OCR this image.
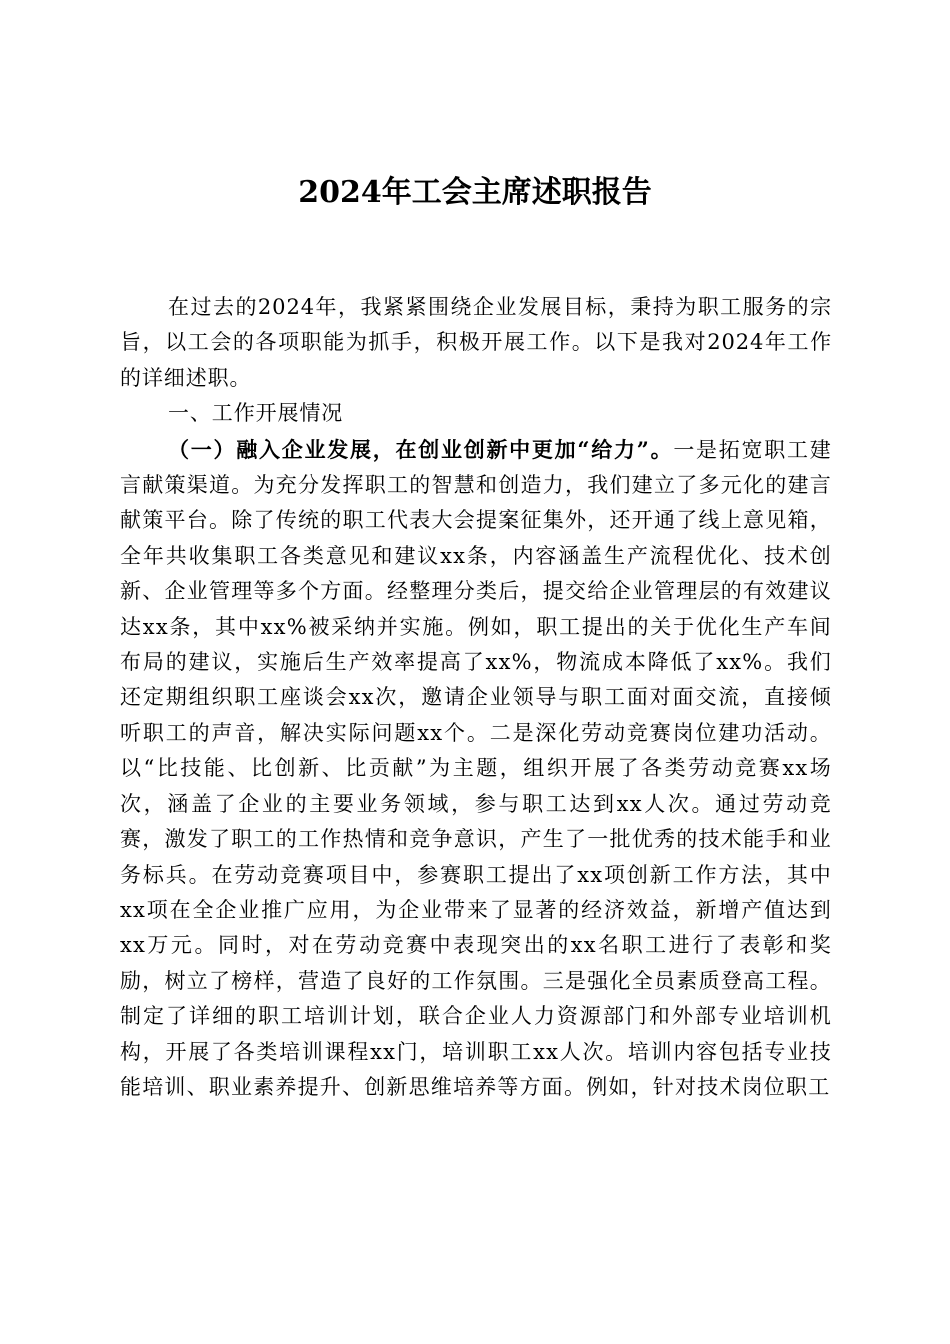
2024年工会主席述职报告

在过去的2024年，我紧紧围绕企业发展目标，秉持为职工服务的宗旨，以工会的各项职能为抓手，积极开展工作。以下是我对2024年工作的详细述职。

一、工作开展情况

（一）融入企业发展，在创业创新中更加“给力”。一是拓宽职工建言献策渠道。为充分发挥职工的智慧和创造力，我们建立了多元化的建言献策平台。除了传统的职工代表大会提案征集外，还开通了线上意见箱，全年共收集职工各类意见和建议xx条，内容涵盖生产流程优化、技术创新、企业管理等多个方面。经整理分类后，提交给企业管理层的有效建议达xx条，其中xx%被采纳并实施。例如，职工提出的关于优化生产车间布局的建议，实施后生产效率提高了xx%，物流成本降低了xx%。我们还定期组织职工座谈会xx次，邀请企业领导与职工面对面交流，直接倾听职工的声音，解决实际问题xx个。二是深化劳动竞赛岗位建功活动。以“比技能、比创新、比贡献”为主题，组织开展了各类劳动竞赛xx场次，涵盖了企业的主要业务领域，参与职工达到xx人次。通过劳动竞赛，激发了职工的工作热情和竞争意识，产生了一批优秀的技术能手和业务标兵。在劳动竞赛项目中，参赛职工提出了xx项创新工作方法，其中xx项在全企业推广应用，为企业带来了显著的经济效益，新增产值达到xx万元。同时，对在劳动竞赛中表现突出的xx名职工进行了表彰和奖励，树立了榜样，营造了良好的工作氛围。三是强化全员素质登高工程。制定了详细的职工培训计划，联合企业人力资源部门和外部专业培训机构，开展了各类培训课程xx门，培训职工xx人次。培训内容包括专业技能培训、职业素养提升、创新思维培养等方面。例如，针对技术岗位职工
